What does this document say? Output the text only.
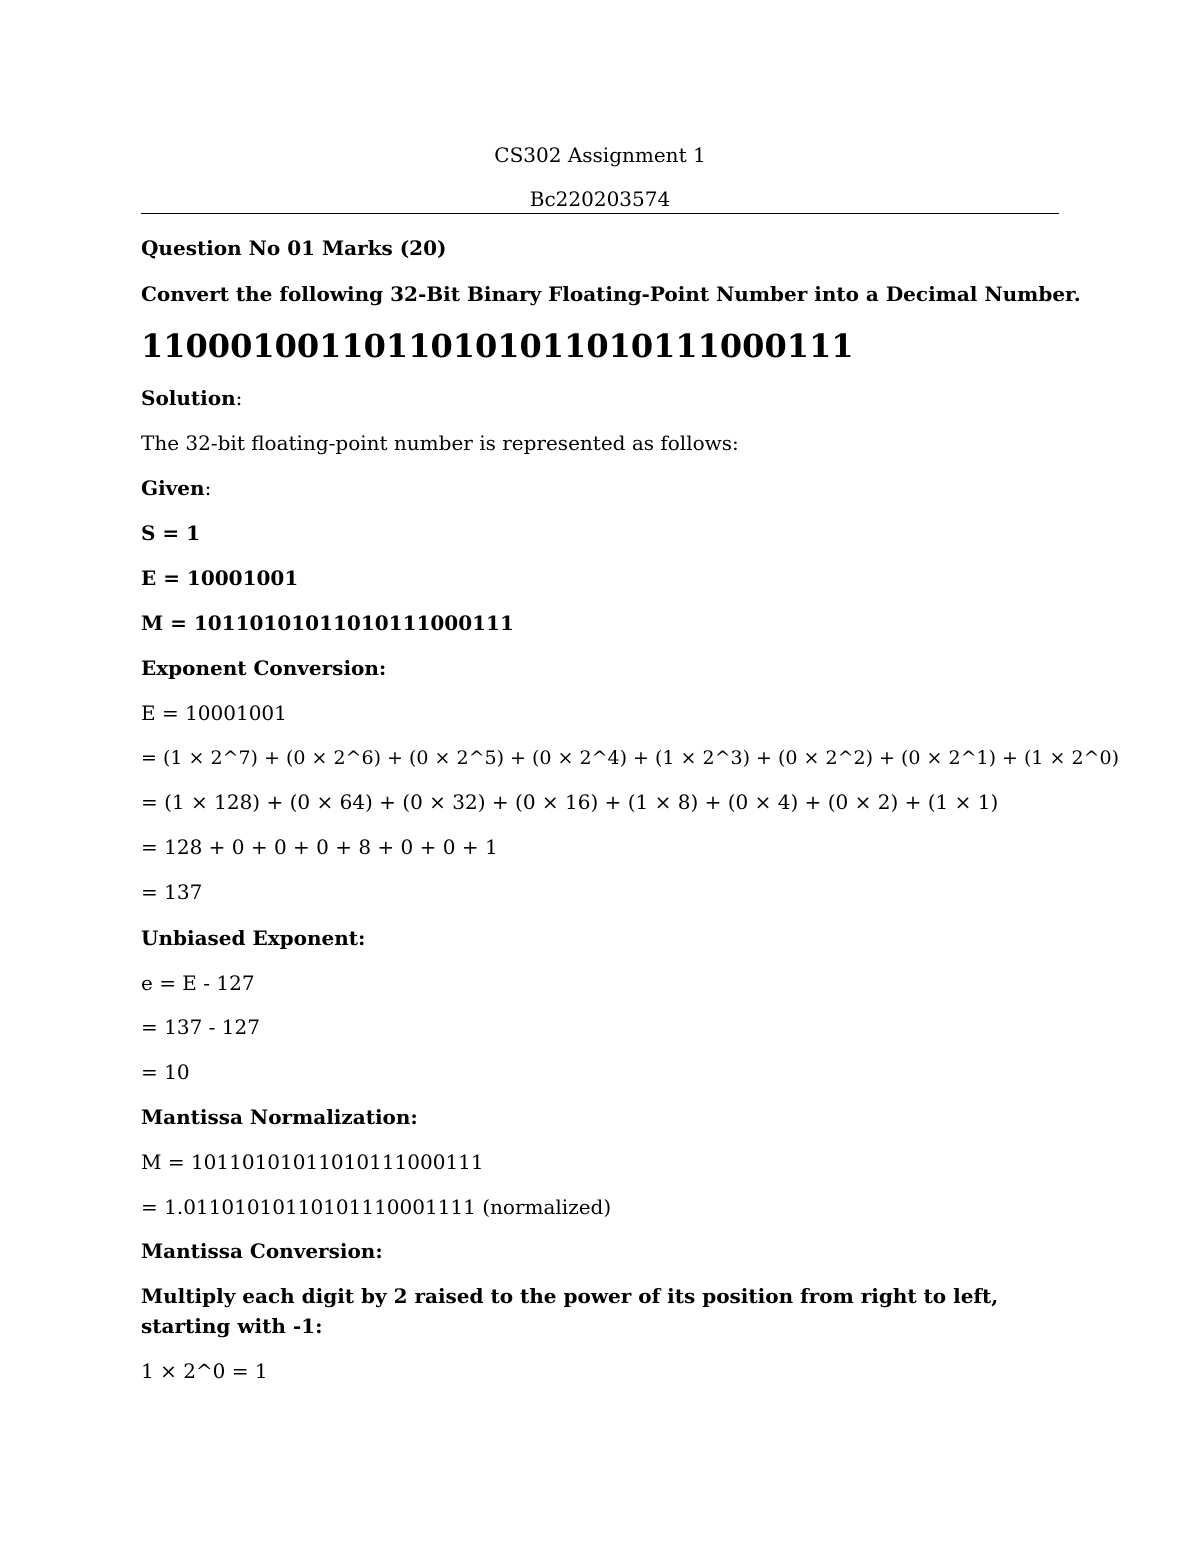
CS302 Assignment 1
Bc220203574
Question No 01 Marks (20)
Convert the following 32-Bit Binary Floating-Point Number into a Decimal Number.
11000100110110101011010111000111
Solution:
The 32-bit floating-point number is represented as follows:
Given:
S = 1
E = 10001001
M = 10110101011010111000111
Exponent Conversion:
E = 10001001
= (1 × 2^7) + (0 × 2^6) + (0 × 2^5) + (0 × 2^4) + (1 × 2^3) + (0 × 2^2) + (0 × 2^1) + (1 × 2^0)
= (1 × 128) + (0 × 64) + (0 × 32) + (0 × 16) + (1 × 8) + (0 × 4) + (0 × 2) + (1 × 1)
= 128 + 0 + 0 + 0 + 8 + 0 + 0 + 1
= 137
Unbiased Exponent:
e = E - 127
= 137 - 127
= 10
Mantissa Normalization:
M = 10110101011010111000111
= 1.01101010110101110001111 (normalized)
Mantissa Conversion:
Multiply each digit by 2 raised to the power of its position from right to left, starting with -1:
1 × 2^0 = 1
